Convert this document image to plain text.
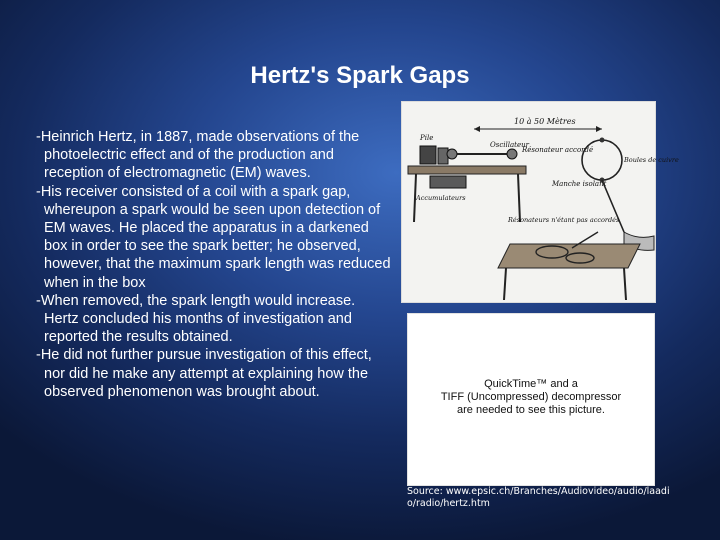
Hertz's Spark Gaps

-Heinrich Hertz, in 1887, made observations of the photoelectric effect and of the production and reception of electromagnetic (EM) waves.

-His receiver consisted of a coil with a spark gap, whereupon a spark would be seen upon detection of EM waves. He placed the apparatus in a darkened box in order to see the spark better; he observed, however, that the maximum spark length was reduced when in the box

-When removed, the spark length would increase. Hertz concluded his months of investigation and reported the results obtained.

-He did not further pursue investigation of this effect, nor did he make any attempt at explaining how the observed phenomenon was brought about.

10 à 50 Mètres
Pile
Oscillateur
Accumulateurs
Résonateur accordé
Boules de cuivre
Manche isolant
Résonateurs n'étant pas accordés
QuickTime™ and a
TIFF (Uncompressed) decompressor
are needed to see this picture.
Source: www.epsic.ch/Branches/Audiovideo/audio/laadio/radio/hertz.htm
